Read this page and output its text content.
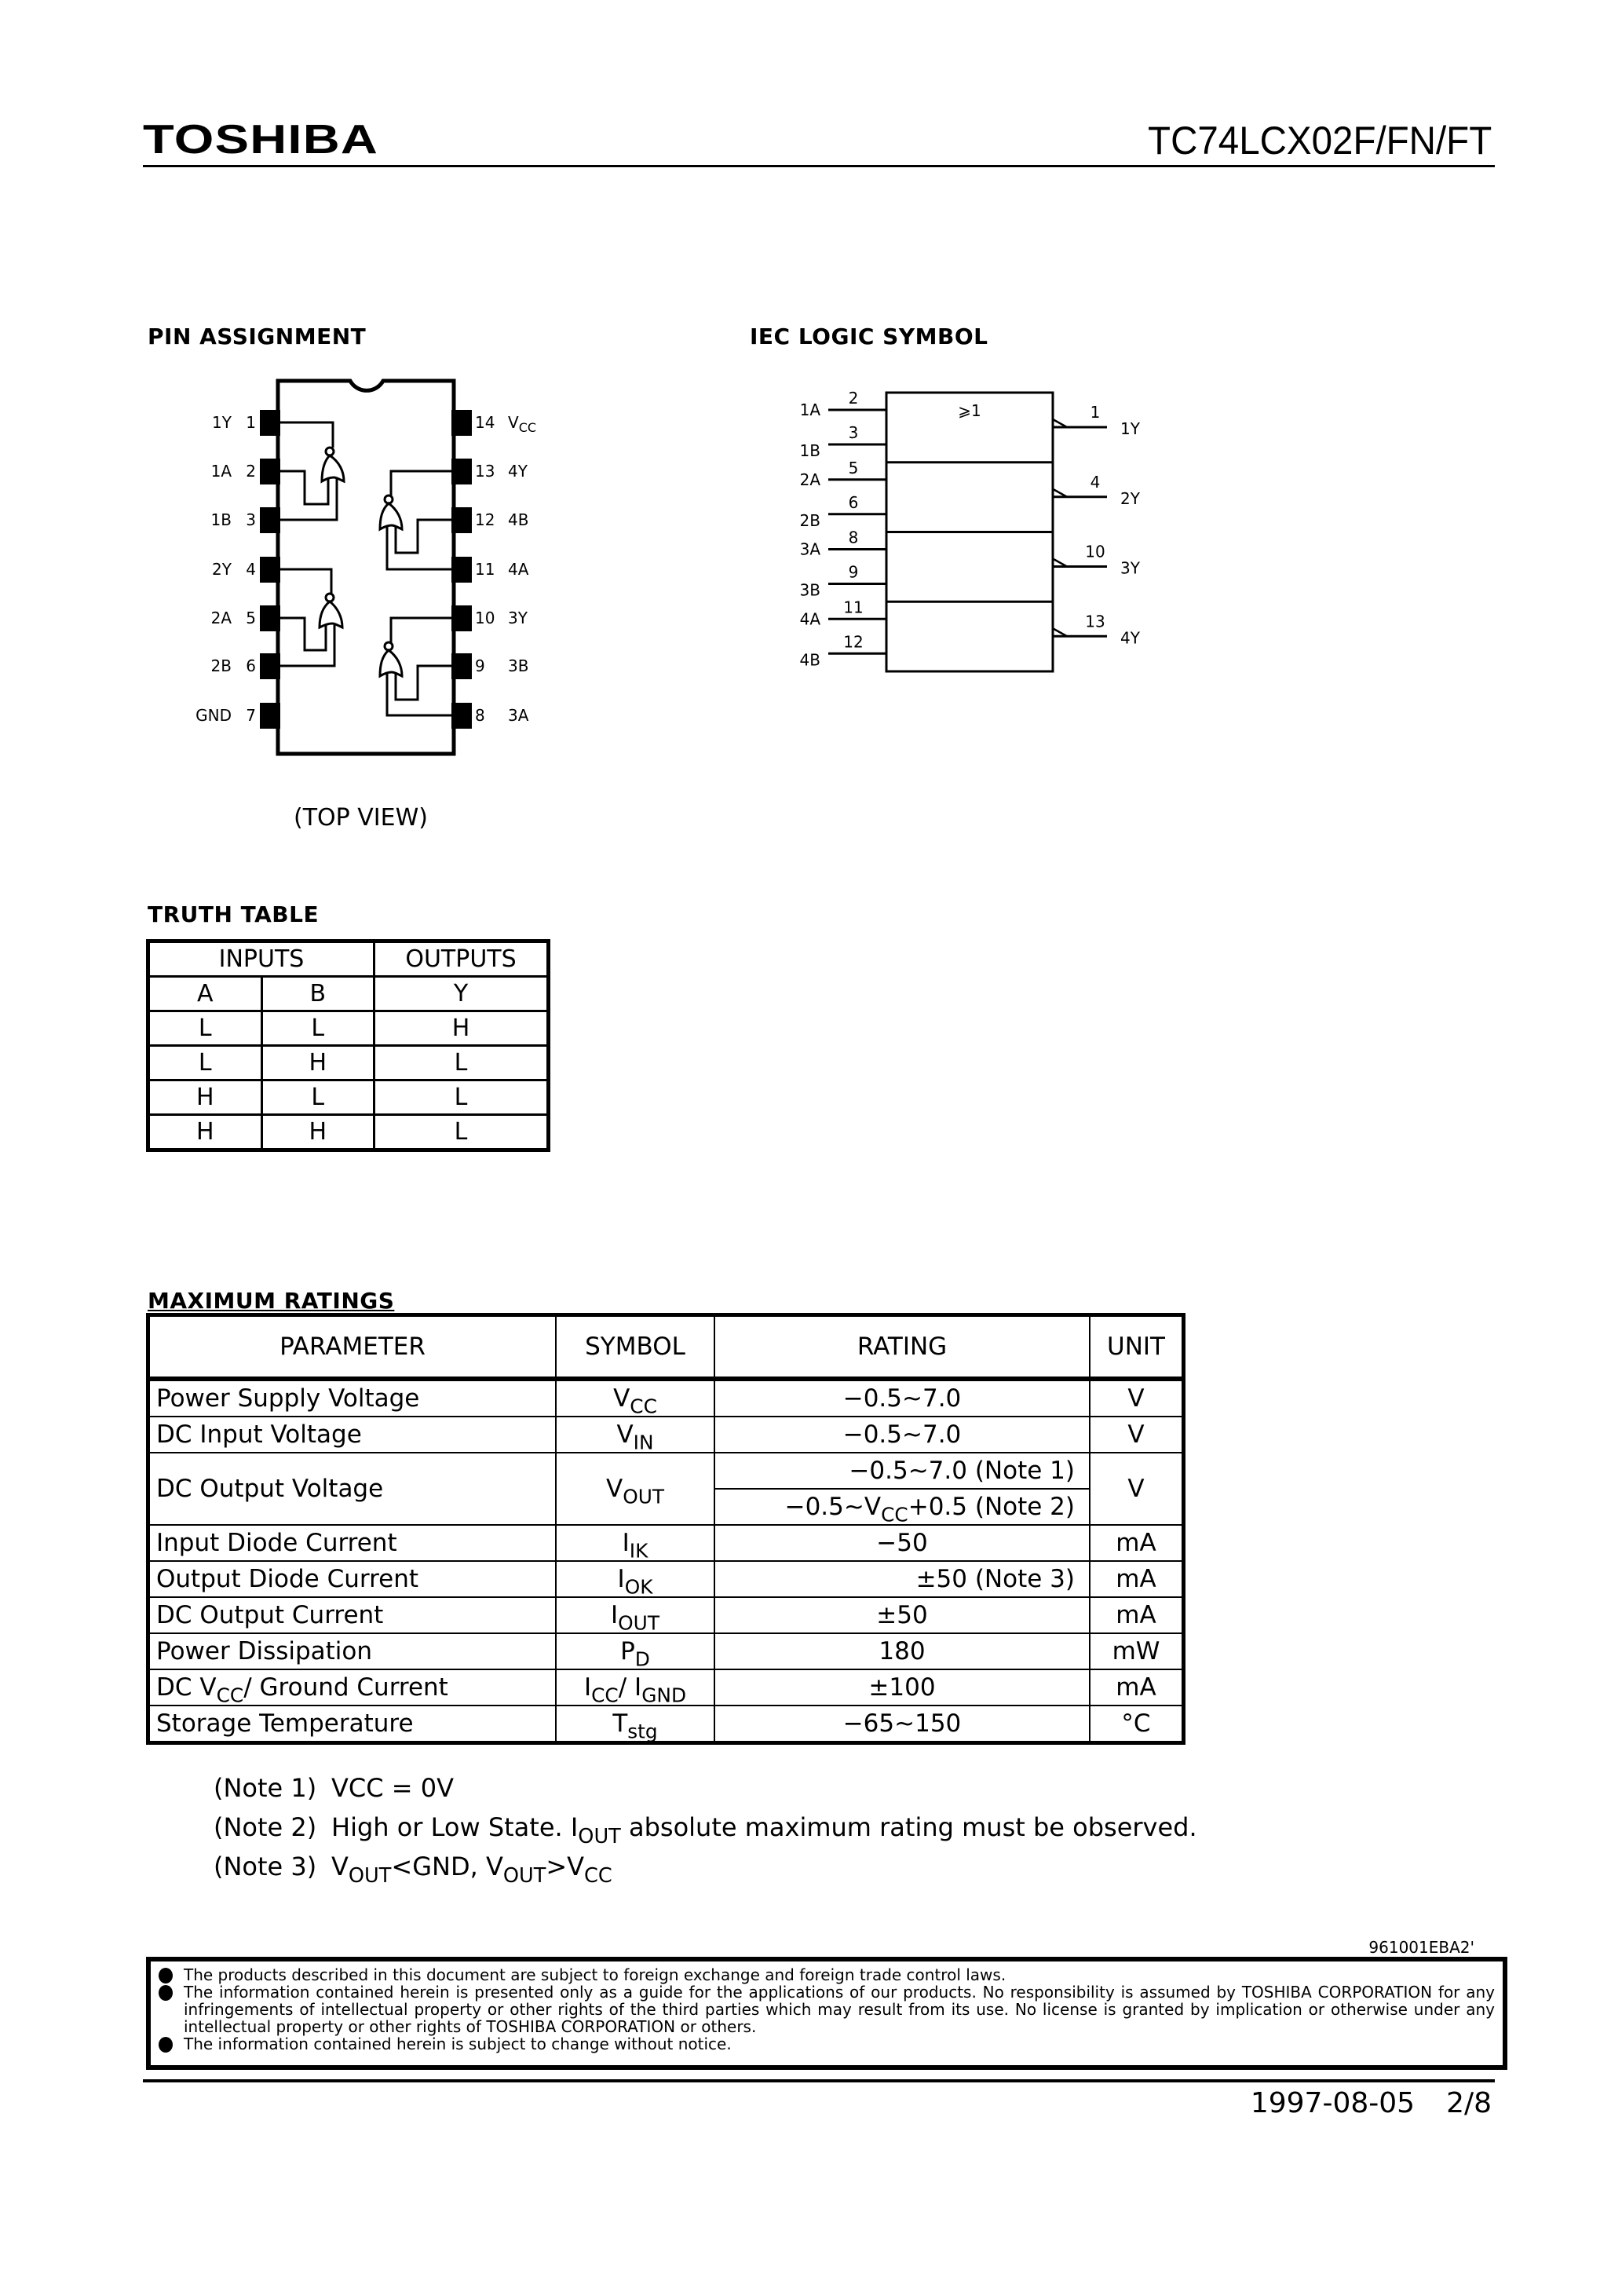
TOSHIBA	TC74LCX02F/FN/FT
PIN ASSIGNMENT
1
1Y
2
1A
3
1B
4
2Y
5
2A
6
2B
7
GND
14 $V_{CC}$
13 4Y
12 4B
11 4A
10 3Y
9 3B
8 3A
(TOP VIEW)
IEC LOGIC SYMBOL
⩾1
1A
1B
2
3
1
1Y
2A
2B
5
6
4
2Y
3A
3B
8
9
10
3Y
4A
4B
11
12
13
4Y
TRUTH TABLE
INPUTS		OUTPUTS
A	B	Y
L	L	H
L	H	L
H	L	L
H	H	L
MAXIMUM RATINGS
PARAMETER	SYMBOL	RATING	UNIT
Power Supply Voltage	$V_{CC}$	−0.5~7.0	V
DC Input Voltage	$V_{IN}$	−0.5~7.0	V
DC Output Voltage	$V_{OUT}$	−0.5~7.0 (Note 1)	V
		$-0.5\sim V_{CC}+0.5$ (Note 2)	
Input Diode Current	$I_{IK}$	−50	mA
Output Diode Current	$I_{OK}$	±50 (Note 3)	mA
DC Output Current	$I_{OUT}$	±50	mA
Power Dissipation	$P_D$	180	mW
DC $V_{CC}/$ Ground Current	$I_{CC}/$ $I_{GND}$	±100	mA
Storage Temperature	$T_{stg}$	−65~150	°C
(Note 1) VCC = 0V
(Note 2) High or Low State. $I_{OUT}$ absolute maximum rating must be observed.
(Note 3) $V_{OUT}<GND$, $V_{OUT}>V_{CC}$
961001EBA2'

The products described in this document are subject to foreign exchange and foreign trade control laws.

The information contained herein is presented only as a guide for the applications of our products. No responsibility is assumed by TOSHIBA CORPORATION for any infringements of intellectual property or other rights of the third parties which may result from its use. No license is granted by implication or otherwise under any intellectual property or other rights of TOSHIBA CORPORATION or others.

The information contained herein is subject to change without notice.

1997-08-05 2/8
